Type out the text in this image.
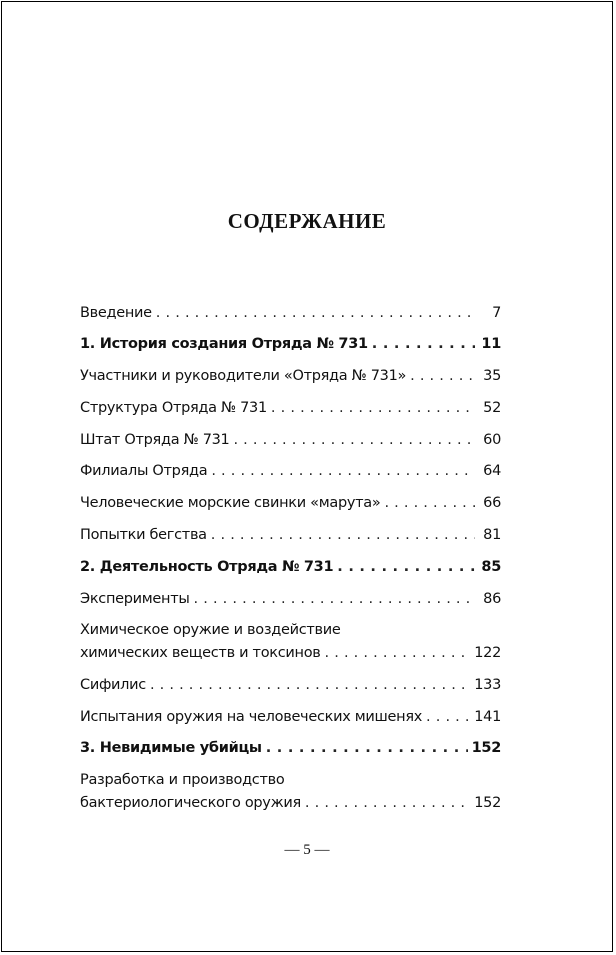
СОДЕРЖАНИЕ
Введение . . .	7
1. История создания Отряда № 731 . . .	11
Участники и руководители «Отряда № 731» . . .	35
Структура Отряда № 731 . . .	52
Штат Отряда № 731 . . .	60
Филиалы Отряда . . .	64
Человеческие морские свинки «марута» . . .	66
Попытки бегства . . .	81
2. Деятельность Отряда № 731 . . .	85
Эксперименты . . .	86
Химическое оружие и воздействие
химических веществ и токсинов . . .	122
Сифилис . . .	133
Испытания оружия на человеческих мишенях . . .	141
3. Невидимые убийцы . . .	152
Разработка и производство
бактериологического оружия . . .	152
— 5 —
